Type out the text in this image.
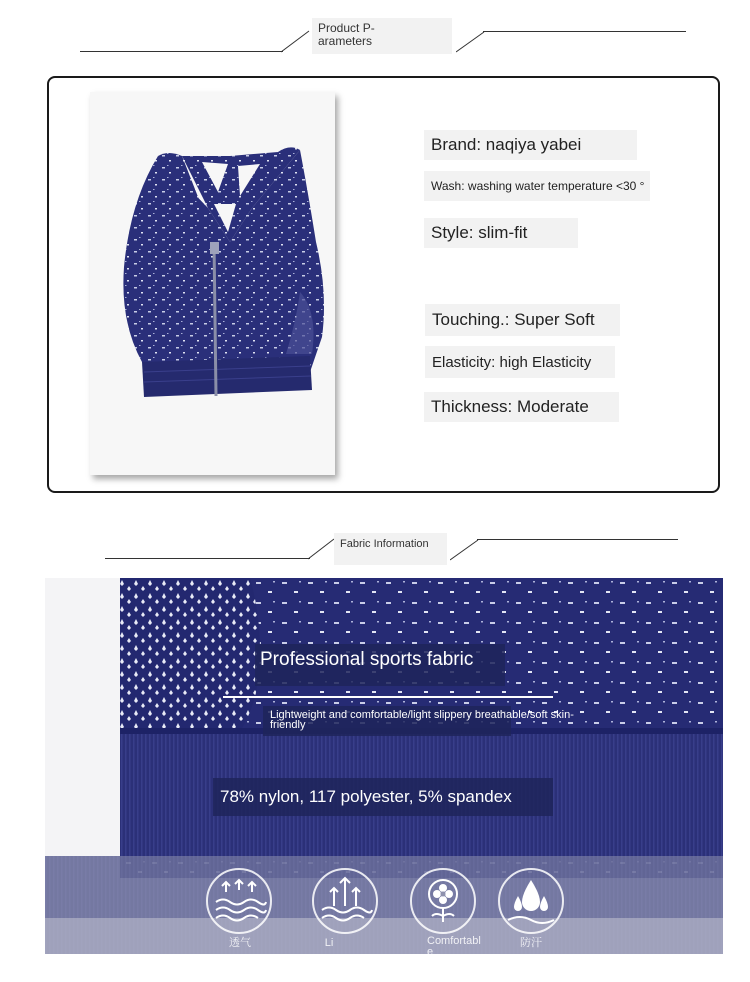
Product P-
arameters
Brand: naqiya yabei
Wash: washing water temperature <30 °
Style: slim-fit
Touching.: Super Soft
Elasticity: high Elasticity
Thickness: Moderate
Fabric Information
Professional sports fabric
Lightweight and comfortable/light slippery breathable/soft skin-friendly
78% nylon, 117 polyester, 5% spandex
透气	Li	Comfortabl
e
防汗
